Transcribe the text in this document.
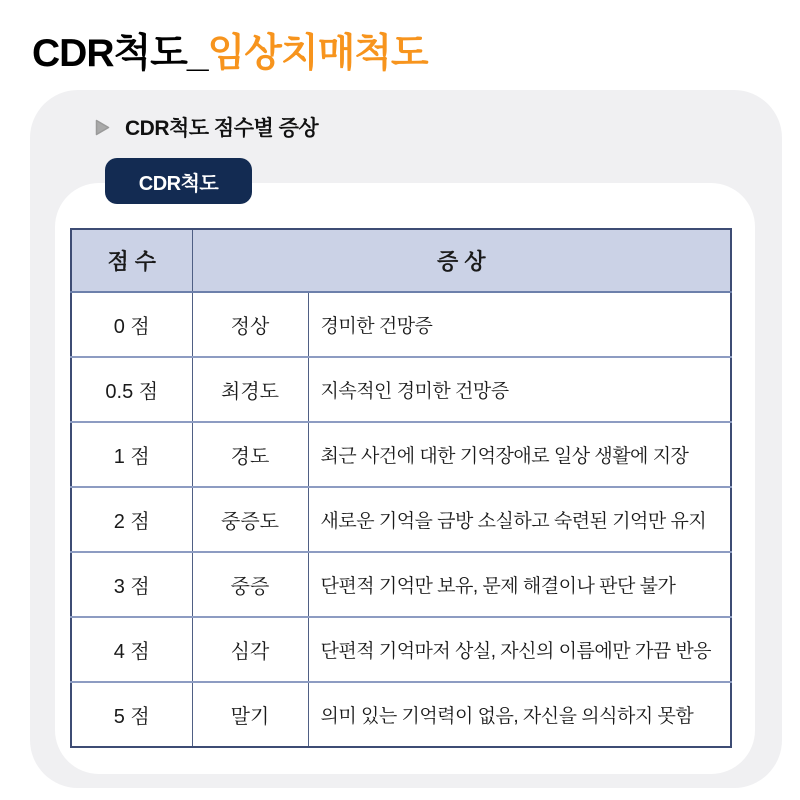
CDR척도_임상치매척도
CDR척도 점수별 증상
CDR척도
점 수	증 상	
0 점	정상	경미한 건망증
0.5 점	최경도	지속적인 경미한 건망증
1 점	경도	최근 사건에 대한 기억장애로 일상 생활에 지장
2 점	중증도	새로운 기억을 금방 소실하고 숙련된 기억만 유지
3 점	중증	단편적 기억만 보유, 문제 해결이나 판단 불가
4 점	심각	단편적 기억마저 상실, 자신의 이름에만 가끔 반응
5 점	말기	의미 있는 기억력이 없음, 자신을 의식하지 못함
